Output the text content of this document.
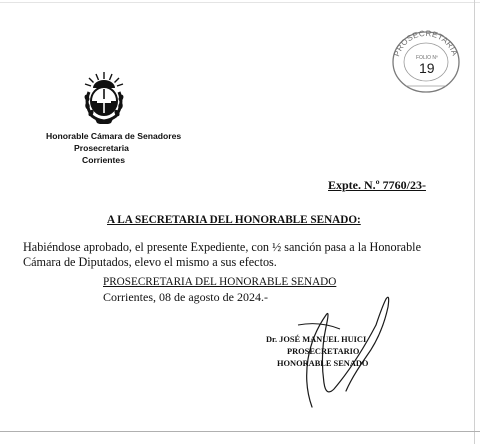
Honorable Cámara de Senadores
Prosecretaria
Corrientes
PROSECRETARIA
FOLIO Nº
19
Expte. N.º 7760/23-
A LA SECRETARIA DEL HONORABLE SENADO:
Habiéndose aprobado, el presente Expediente, con ½ sanción pasa a la Honorable
Cámara de Diputados, elevo el mismo a sus efectos.
PROSECRETARIA DEL HONORABLE SENADO
Corrientes, 08 de agosto de 2024.-
Dr. JOSÉ MANUEL HUICI
PROSECRETARIO
HONORABLE SENADO
